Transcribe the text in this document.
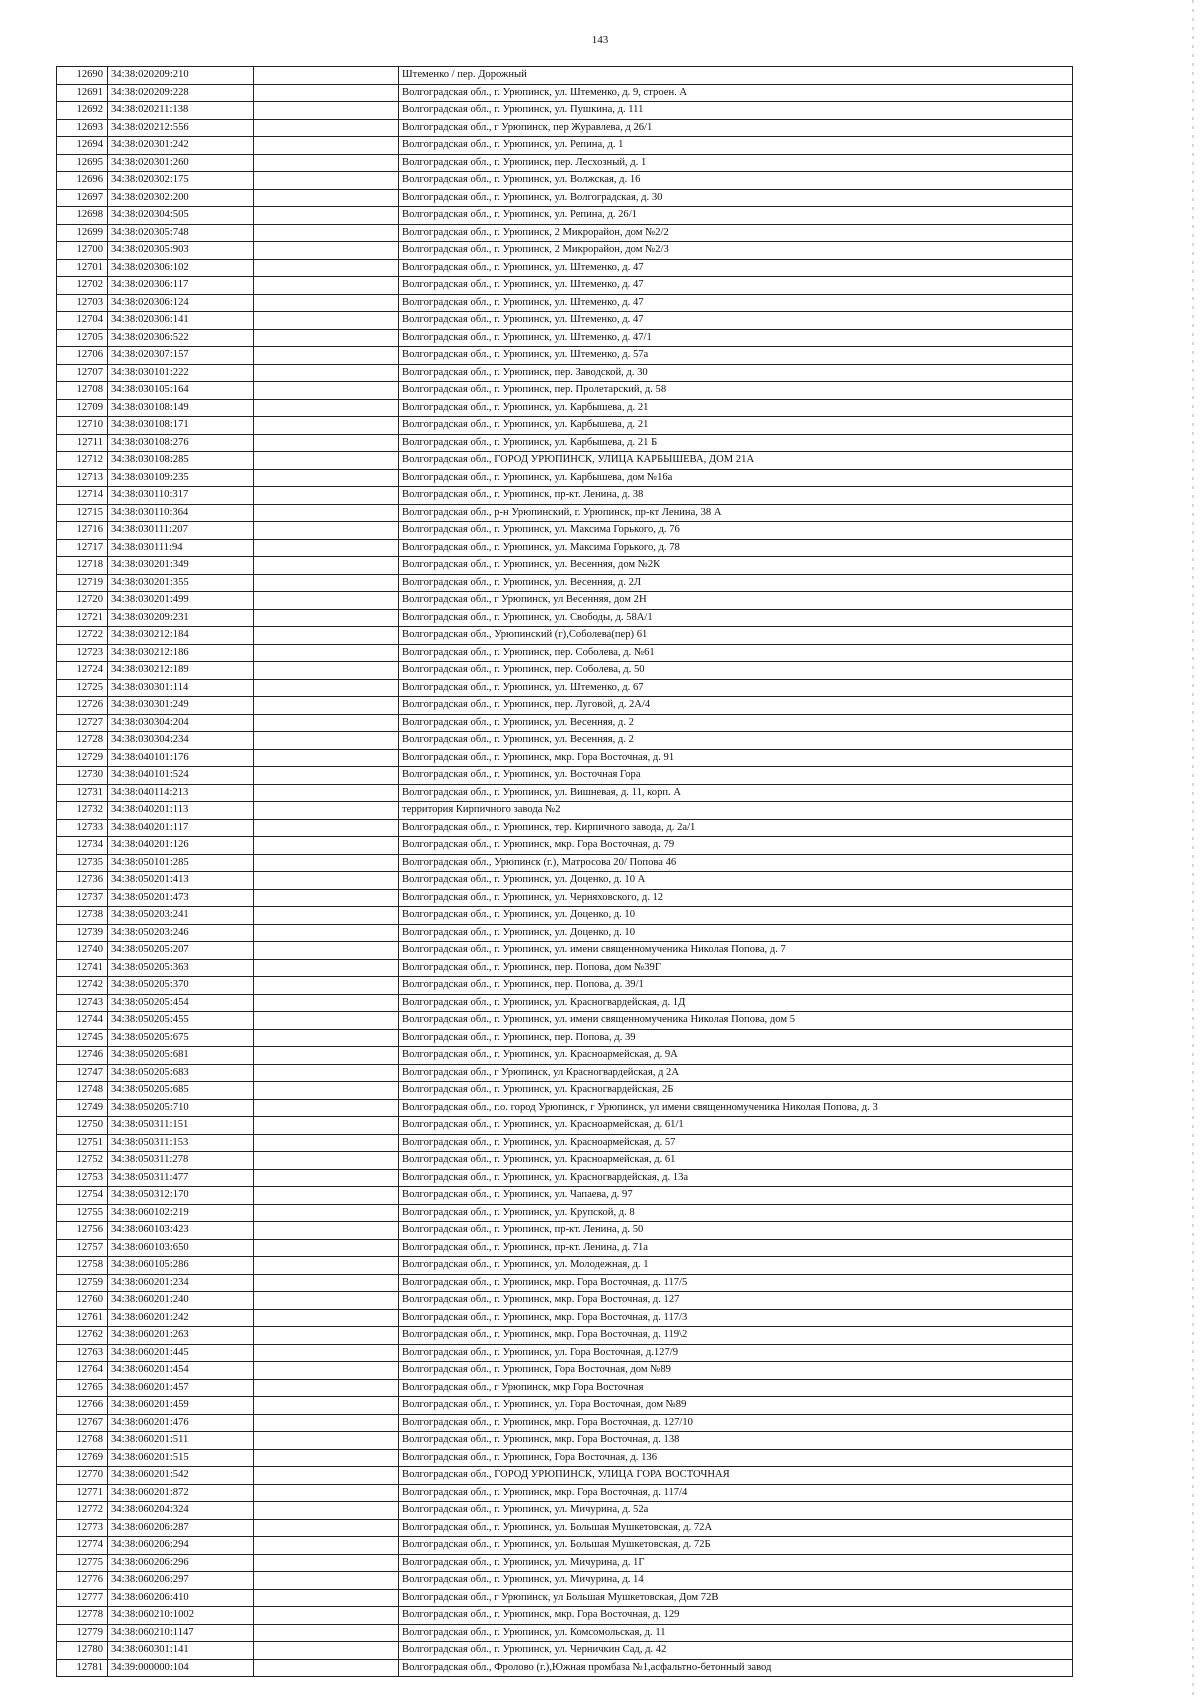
143
12690	34:38:020209:210		Штеменко / пер. Дорожный
12691	34:38:020209:228		Волгоградская обл., г. Урюпинск, ул. Штеменко, д. 9, строен. А
12692	34:38:020211:138		Волгоградская обл., г. Урюпинск, ул. Пушкина, д. 111
12693	34:38:020212:556		Волгоградская обл., г Урюпинск, пер Журавлева, д 26/1
12694	34:38:020301:242		Волгоградская обл., г. Урюпинск, ул. Репина, д. 1
12695	34:38:020301:260		Волгоградская обл., г. Урюпинск, пер. Лесхозный, д. 1
12696	34:38:020302:175		Волгоградская обл., г. Урюпинск, ул. Волжская, д. 16
12697	34:38:020302:200		Волгоградская обл., г. Урюпинск, ул. Волгоградская, д. 30
12698	34:38:020304:505		Волгоградская обл., г. Урюпинск, ул. Репина, д. 26/1
12699	34:38:020305:748		Волгоградская обл., г. Урюпинск, 2 Микрорайон, дом №2/2
12700	34:38:020305:903		Волгоградская обл., г. Урюпинск, 2 Микрорайон, дом №2/3
12701	34:38:020306:102		Волгоградская обл., г. Урюпинск, ул. Штеменко, д. 47
12702	34:38:020306:117		Волгоградская обл., г. Урюпинск, ул. Штеменко, д. 47
12703	34:38:020306:124		Волгоградская обл., г. Урюпинск, ул. Штеменко, д. 47
12704	34:38:020306:141		Волгоградская обл., г. Урюпинск, ул. Штеменко, д. 47
12705	34:38:020306:522		Волгоградская обл., г. Урюпинск, ул. Штеменко, д. 47/1
12706	34:38:020307:157		Волгоградская обл., г. Урюпинск, ул. Штеменко, д. 57а
12707	34:38:030101:222		Волгоградская обл., г. Урюпинск, пер. Заводской, д. 30
12708	34:38:030105:164		Волгоградская обл., г. Урюпинск, пер. Пролетарский, д. 58
12709	34:38:030108:149		Волгоградская обл., г. Урюпинск, ул. Карбышева, д. 21
12710	34:38:030108:171		Волгоградская обл., г. Урюпинск, ул. Карбышева, д. 21
12711	34:38:030108:276		Волгоградская обл., г. Урюпинск, ул. Карбышева, д. 21 Б
12712	34:38:030108:285		Волгоградская обл., ГОРОД УРЮПИНСК, УЛИЦА КАРБЫШЕВА, ДОМ 21А
12713	34:38:030109:235		Волгоградская обл., г. Урюпинск, ул. Карбышева, дом №16а
12714	34:38:030110:317		Волгоградская обл., г. Урюпинск, пр-кт. Ленина, д. 38
12715	34:38:030110:364		Волгоградская обл., р-н Урюпинский, г. Урюпинск, пр-кт Ленина, 38 А
12716	34:38:030111:207		Волгоградская обл., г. Урюпинск, ул. Максима Горького, д. 76
12717	34:38:030111:94		Волгоградская обл., г. Урюпинск, ул. Максима Горького, д. 78
12718	34:38:030201:349		Волгоградская обл., г. Урюпинск, ул. Весенняя, дом №2К
12719	34:38:030201:355		Волгоградская обл., г. Урюпинск, ул. Весенняя, д. 2Л
12720	34:38:030201:499		Волгоградская обл., г Урюпинск, ул Весенняя, дом 2Н
12721	34:38:030209:231		Волгоградская обл., г. Урюпинск, ул. Свободы, д. 58А/1
12722	34:38:030212:184		Волгоградская обл., Урюпинский (г),Соболева(пер) 61
12723	34:38:030212:186		Волгоградская обл., г. Урюпинск, пер. Соболева, д. №61
12724	34:38:030212:189		Волгоградская обл., г. Урюпинск, пер. Соболева, д. 50
12725	34:38:030301:114		Волгоградская обл., г. Урюпинск, ул. Штеменко, д. 67
12726	34:38:030301:249		Волгоградская обл., г. Урюпинск, пер. Луговой, д. 2А/4
12727	34:38:030304:204		Волгоградская обл., г. Урюпинск, ул. Весенняя, д. 2
12728	34:38:030304:234		Волгоградская обл., г. Урюпинск, ул. Весенняя, д. 2
12729	34:38:040101:176		Волгоградская обл., г. Урюпинск, мкр. Гора Восточная, д. 91
12730	34:38:040101:524		Волгоградская обл., г. Урюпинск, ул. Восточная Гора
12731	34:38:040114:213		Волгоградская обл., г. Урюпинск, ул. Вишневая, д. 11, корп. А
12732	34:38:040201:113		территория Кирпичного завода №2
12733	34:38:040201:117		Волгоградская обл., г. Урюпинск, тер. Кирпичного завода, д. 2а/1
12734	34:38:040201:126		Волгоградская обл., г. Урюпинск, мкр. Гора Восточная, д. 79
12735	34:38:050101:285		Волгоградская обл., Урюпинск (г.), Матросова 20/ Попова 46
12736	34:38:050201:413		Волгоградская обл., г. Урюпинск, ул. Доценко, д. 10 А
12737	34:38:050201:473		Волгоградская обл., г. Урюпинск, ул. Черняховского, д. 12
12738	34:38:050203:241		Волгоградская обл., г. Урюпинск, ул. Доценко, д. 10
12739	34:38:050203:246		Волгоградская обл., г. Урюпинск, ул. Доценко, д. 10
12740	34:38:050205:207		Волгоградская обл., г. Урюпинск, ул. имени священномученика Николая Попова, д. 7
12741	34:38:050205:363		Волгоградская обл., г. Урюпинск, пер. Попова, дом №39Г
12742	34:38:050205:370		Волгоградская обл., г. Урюпинск, пер. Попова, д. 39/1
12743	34:38:050205:454		Волгоградская обл., г. Урюпинск, ул. Красногвардейская, д. 1Д
12744	34:38:050205:455		Волгоградская обл., г. Урюпинск, ул. имени священномученика Николая Попова, дом 5
12745	34:38:050205:675		Волгоградская обл., г. Урюпинск, пер. Попова, д. 39
12746	34:38:050205:681		Волгоградская обл., г. Урюпинск, ул. Красноармейская, д. 9А
12747	34:38:050205:683		Волгоградская обл., г Урюпинск, ул Красногвардейская, д 2А
12748	34:38:050205:685		Волгоградская обл., г. Урюпинск, ул. Красногвардейская, 2Б
12749	34:38:050205:710		Волгоградская обл., г.о. город Урюпинск, г Урюпинск, ул имени священномученика Николая Попова, д. 3
12750	34:38:050311:151		Волгоградская обл., г. Урюпинск, ул. Красноармейская, д. 61/1
12751	34:38:050311:153		Волгоградская обл., г. Урюпинск, ул. Красноармейская, д. 57
12752	34:38:050311:278		Волгоградская обл., г. Урюпинск, ул. Красноармейская, д. 61
12753	34:38:050311:477		Волгоградская обл., г. Урюпинск, ул. Красногвардейская, д. 13а
12754	34:38:050312:170		Волгоградская обл., г. Урюпинск, ул. Чапаева, д. 97
12755	34:38:060102:219		Волгоградская обл., г. Урюпинск, ул. Крупской, д. 8
12756	34:38:060103:423		Волгоградская обл., г. Урюпинск, пр-кт. Ленина, д. 50
12757	34:38:060103:650		Волгоградская обл., г. Урюпинск, пр-кт. Ленина, д. 71а
12758	34:38:060105:286		Волгоградская обл., г. Урюпинск, ул. Молодежная, д. 1
12759	34:38:060201:234		Волгоградская обл., г. Урюпинск, мкр. Гора Восточная, д. 117/5
12760	34:38:060201:240		Волгоградская обл., г. Урюпинск, мкр. Гора Восточная, д. 127
12761	34:38:060201:242		Волгоградская обл., г. Урюпинск, мкр. Гора Восточная, д. 117/3
12762	34:38:060201:263		Волгоградская обл., г. Урюпинск, мкр. Гора Восточная, д. 119\2
12763	34:38:060201:445		Волгоградская обл., г. Урюпинск, ул. Гора Восточная, д.127/9
12764	34:38:060201:454		Волгоградская обл., г. Урюпинск, Гора Восточная, дом №89
12765	34:38:060201:457		Волгоградская обл., г Урюпинск, мкр Гора Восточная
12766	34:38:060201:459		Волгоградская обл., г. Урюпинск, ул. Гора Восточная, дом №89
12767	34:38:060201:476		Волгоградская обл., г. Урюпинск, мкр. Гора Восточная, д. 127/10
12768	34:38:060201:511		Волгоградская обл., г. Урюпинск, мкр. Гора Восточная, д. 138
12769	34:38:060201:515		Волгоградская обл., г. Урюпинск, Гора Восточная, д. 136
12770	34:38:060201:542		Волгоградская обл., ГОРОД УРЮПИНСК, УЛИЦА ГОРА ВОСТОЧНАЯ
12771	34:38:060201:872		Волгоградская обл., г. Урюпинск, мкр. Гора Восточная, д. 117/4
12772	34:38:060204:324		Волгоградская обл., г. Урюпинск, ул. Мичурина, д. 52а
12773	34:38:060206:287		Волгоградская обл., г. Урюпинск, ул. Большая Мушкетовская, д. 72А
12774	34:38:060206:294		Волгоградская обл., г. Урюпинск, ул. Большая Мушкетовская, д. 72Б
12775	34:38:060206:296		Волгоградская обл., г. Урюпинск, ул. Мичурина, д. 1Г
12776	34:38:060206:297		Волгоградская обл., г. Урюпинск, ул. Мичурина, д. 14
12777	34:38:060206:410		Волгоградская обл., г Урюпинск, ул Большая Мушкетовская, Дом 72В
12778	34:38:060210:1002		Волгоградская обл., г. Урюпинск, мкр. Гора Восточная, д. 129
12779	34:38:060210:1147		Волгоградская обл., г. Урюпинск, ул. Комсомольская, д. 11
12780	34:38:060301:141		Волгоградская обл., г. Урюпинск, ул. Черничкин Сад, д. 42
12781	34:39:000000:104		Волгоградская обл., Фролово (г.),Южная промбаза №1,асфальтно-бетонный завод
